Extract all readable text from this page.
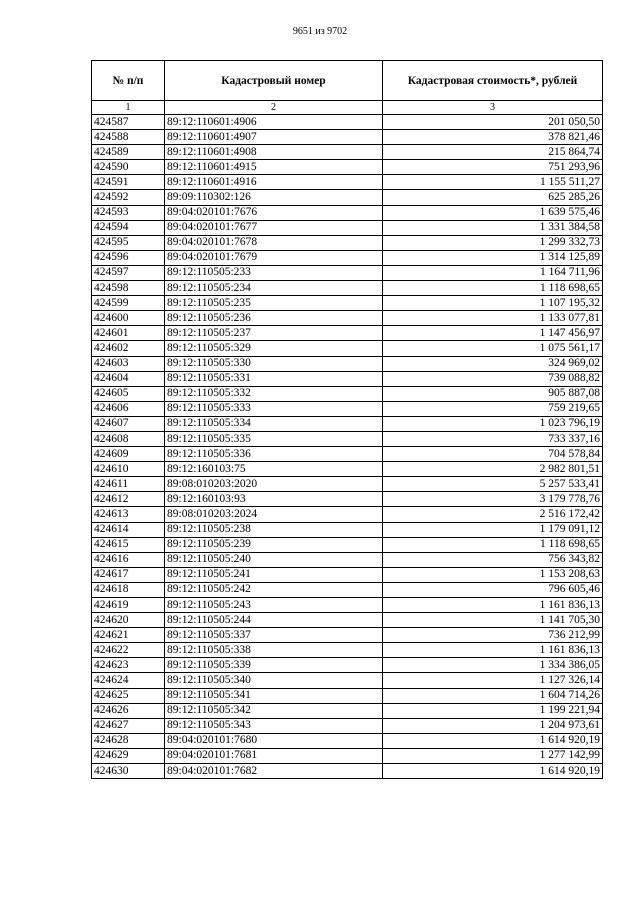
9651 из 9702
№ п/п	Кадастровый номер	Кадастровая стоимость*, рублей
1	2	3
424587	89:12:110601:4906	201 050,50
424588	89:12:110601:4907	378 821,46
424589	89:12:110601:4908	215 864,74
424590	89:12:110601:4915	751 293,96
424591	89:12:110601:4916	1 155 511,27
424592	89:09:110302:126	625 285,26
424593	89:04:020101:7676	1 639 575,46
424594	89:04:020101:7677	1 331 384,58
424595	89:04:020101:7678	1 299 332,73
424596	89:04:020101:7679	1 314 125,89
424597	89:12:110505:233	1 164 711,96
424598	89:12:110505:234	1 118 698,65
424599	89:12:110505:235	1 107 195,32
424600	89:12:110505:236	1 133 077,81
424601	89:12:110505:237	1 147 456,97
424602	89:12:110505:329	1 075 561,17
424603	89:12:110505:330	324 969,02
424604	89:12:110505:331	739 088,82
424605	89:12:110505:332	905 887,08
424606	89:12:110505:333	759 219,65
424607	89:12:110505:334	1 023 796,19
424608	89:12:110505:335	733 337,16
424609	89:12:110505:336	704 578,84
424610	89:12:160103:75	2 982 801,51
424611	89:08:010203:2020	5 257 533,41
424612	89:12:160103:93	3 179 778,76
424613	89:08:010203:2024	2 516 172,42
424614	89:12:110505:238	1 179 091,12
424615	89:12:110505:239	1 118 698,65
424616	89:12:110505:240	756 343,82
424617	89:12:110505:241	1 153 208,63
424618	89:12:110505:242	796 605,46
424619	89:12:110505:243	1 161 836,13
424620	89:12:110505:244	1 141 705,30
424621	89:12:110505:337	736 212,99
424622	89:12:110505:338	1 161 836,13
424623	89:12:110505:339	1 334 386,05
424624	89:12:110505:340	1 127 326,14
424625	89:12:110505:341	1 604 714,26
424626	89:12:110505:342	1 199 221,94
424627	89:12:110505:343	1 204 973,61
424628	89:04:020101:7680	1 614 920,19
424629	89:04:020101:7681	1 277 142,99
424630	89:04:020101:7682	1 614 920,19
